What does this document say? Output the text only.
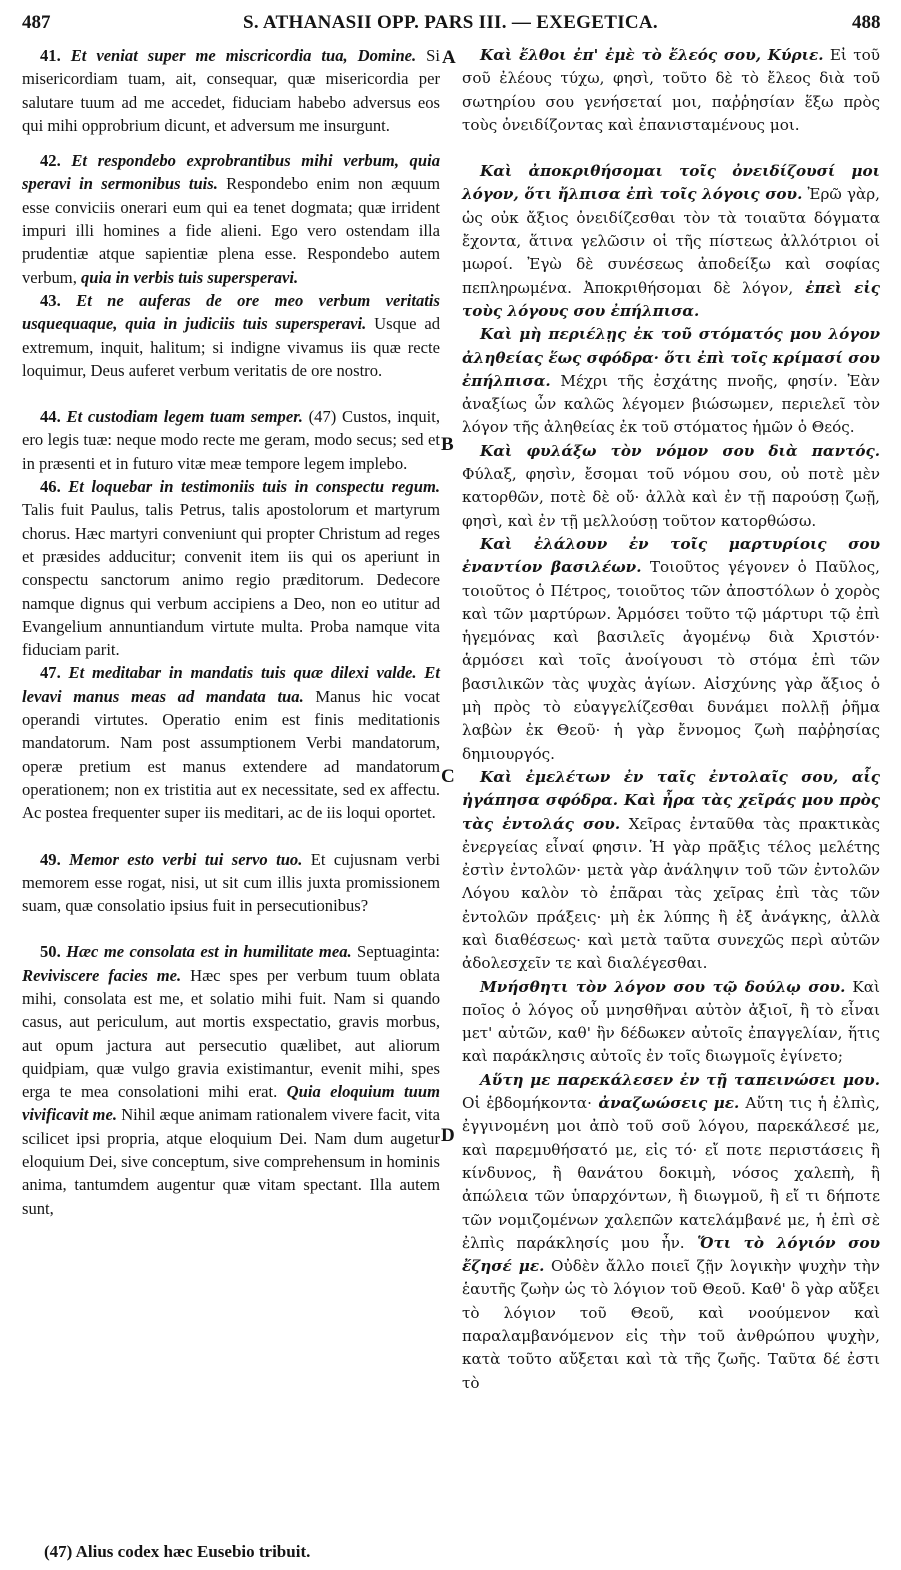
487	S. ATHANASII OPP. PARS III. — EXEGETICA.	488
A
B
C
D

41. Et veniat super me miscricordia tua, Domine. Si misericordiam tuam, ait, consequar, quæ misericordia per salutare tuum ad me accedet, fiduciam habebo adversus eos qui mihi opprobrium dicunt, et adversum me insurgunt.

42. Et respondebo exprobrantibus mihi verbum, quia speravi in sermonibus tuis. Respondebo enim non æquum esse conviciis onerari eum qui ea tenet dogmata; quæ irrident impuri illi homines a fide alieni. Ego vero ostendam illa prudentiæ atque sapientiæ plena esse. Respondebo autem verbum, quia in verbis tuis supersperavi.

43. Et ne auferas de ore meo verbum veritatis usquequaque, quia in judiciis tuis supersperavi. Usque ad extremum, inquit, halitum; si indigne vivamus iis quæ recte loquimur, Deus auferet verbum veritatis de ore nostro.

44. Et custodiam legem tuam semper. (47) Custos, inquit, ero legis tuæ: neque modo recte me geram, modo secus; sed et in præsenti et in futuro vitæ meæ tempore legem implebo.

46. Et loquebar in testimoniis tuis in conspectu regum. Talis fuit Paulus, talis Petrus, talis apostolorum et martyrum chorus. Hæc martyri conveniunt qui propter Christum ad reges et præsides adducitur; convenit item iis qui os aperiunt in conspectu sanctorum animo regio præditorum. Dedecore namque dignus qui verbum accipiens a Deo, non eo utitur ad Evangelium annuntiandum virtute multa. Proba namque vita fiduciam parit.

47. Et meditabar in mandatis tuis quæ dilexi valde. Et levavi manus meas ad mandata tua. Manus hic vocat operandi virtutes. Operatio enim est finis meditationis mandatorum. Nam post assumptionem Verbi mandatorum, operæ pretium est manus extendere ad mandatorum operationem; non ex tristitia aut ex necessitate, sed ex affectu. Ac postea frequenter super iis meditari, ac de iis loqui oportet.

49. Memor esto verbi tui servo tuo. Et cujusnam verbi memorem esse rogat, nisi, ut sit cum illis juxta promissionem suam, quæ consolatio ipsius fuit in persecutionibus?

50. Hæc me consolata est in humilitate mea. Septuaginta: Reviviscere facies me. Hæc spes per verbum tuum oblata mihi, consolata est me, et solatio mihi fuit. Nam si quando casus, aut periculum, aut mortis exspectatio, gravis morbus, aut opum jactura aut persecutio quælibet, aut aliorum quidpiam, quæ vulgo gravia existimantur, evenit mihi, spes erga te mea consolationi mihi erat. Quia eloquium tuum vivificavit me. Nihil æque animam rationalem vivere facit, vita scilicet ipsi propria, atque eloquium Dei. Nam dum augetur eloquium Dei, sive conceptum, sive comprehensum in hominis anima, tantumdem augentur quæ vitam spectant. Illa autem sunt,

(47) Alius codex hæc Eusebio tribuit.

Καὶ ἔλθοι ἐπ' ἐμὲ τὸ ἔλεός σου, Κύριε. Εἰ τοῦ σοῦ ἐλέους τύχω, φησὶ, τοῦτο δὲ τὸ ἔλεος διὰ τοῦ σωτηρίου σου γενήσεταί μοι, παῤῥησίαν ἕξω πρὸς τοὺς ὀνειδίζοντας καὶ ἐπανισταμένους μοι.

Καὶ ἀποκριθήσομαι τοῖς ὀνειδίζουσί μοι λόγον, ὅτι ἤλπισα ἐπὶ τοῖς λόγοις σου. Ἐρῶ γὰρ, ὡς οὐκ ἄξιος ὀνειδίζεσθαι τὸν τὰ τοιαῦτα δόγματα ἔχοντα, ἅτινα γελῶσιν οἱ τῆς πίστεως ἀλλότριοι οἱ μωροί. Ἐγὼ δὲ συνέσεως ἀποδείξω καὶ σοφίας πεπληρωμένα. Ἀποκριθήσομαι δὲ λόγον, ἐπεὶ εἰς τοὺς λόγους σου ἐπήλπισα.

Καὶ μὴ περιέλῃς ἐκ τοῦ στόματός μου λόγον ἀληθείας ἕως σφόδρα· ὅτι ἐπὶ τοῖς κρίμασί σου ἐπήλπισα. Μέχρι τῆς ἐσχάτης πνοῆς, φησίν. Ἐὰν ἀναξίως ὦν καλῶς λέγομεν βιώσωμεν, περιελεῖ τὸν λόγον τῆς ἀληθείας ἐκ τοῦ στόματος ἡμῶν ὁ Θεός.

Καὶ φυλάξω τὸν νόμον σου διὰ παντός. Φύλαξ, φησὶν, ἔσομαι τοῦ νόμου σου, οὐ ποτὲ μὲν κατορθῶν, ποτὲ δὲ οὔ· ἀλλὰ καὶ ἐν τῇ παρούσῃ ζωῇ, φησὶ, καὶ ἐν τῇ μελλούσῃ τοῦτον κατορθώσω.

Καὶ ἐλάλουν ἐν τοῖς μαρτυρίοις σου ἐναντίον βασιλέων. Τοιοῦτος γέγονεν ὁ Παῦλος, τοιοῦτος ὁ Πέτρος, τοιοῦτος τῶν ἀποστόλων ὁ χορὸς καὶ τῶν μαρτύρων. Ἁρμόσει τοῦτο τῷ μάρτυρι τῷ ἐπὶ ἡγεμόνας καὶ βασιλεῖς ἀγομένῳ διὰ Χριστόν· ἁρμόσει καὶ τοῖς ἀνοίγουσι τὸ στόμα ἐπὶ τῶν βασιλικῶν τὰς ψυχὰς ἁγίων. Αἰσχύνης γὰρ ἄξιος ὁ μὴ πρὸς τὸ εὐαγγελίζεσθαι δυνάμει πολλῇ ῥῆμα λαβὼν ἐκ Θεοῦ· ἡ γὰρ ἔννομος ζωὴ παῤῥησίας δημιουργός.

Καὶ ἐμελέτων ἐν ταῖς ἐντολαῖς σου, αἷς ἠγάπησα σφόδρα. Καὶ ἦρα τὰς χεῖράς μου πρὸς τὰς ἐντολάς σου. Χεῖρας ἐνταῦθα τὰς πρακτικὰς ἐνεργείας εἶναί φησιν. Ἡ γὰρ πρᾶξις τέλος μελέτης ἐστὶν ἐντολῶν· μετὰ γὰρ ἀνάληψιν τοῦ τῶν ἐντολῶν Λόγου καλὸν τὸ ἐπᾶραι τὰς χεῖρας ἐπὶ τὰς τῶν ἐντολῶν πράξεις· μὴ ἐκ λύπης ἢ ἐξ ἀνάγκης, ἀλλὰ καὶ διαθέσεως· καὶ μετὰ ταῦτα συνεχῶς περὶ αὐτῶν ἀδολεσχεῖν τε καὶ διαλέγεσθαι.

Μνήσθητι τὸν λόγον σου τῷ δούλῳ σου. Καὶ ποῖος ὁ λόγος οὗ μνησθῆναι αὐτὸν ἀξιοῖ, ἢ τὸ εἶναι μετ' αὐτῶν, καθ' ἣν δέδωκεν αὐτοῖς ἐπαγγελίαν, ἥτις καὶ παράκλησις αὐτοῖς ἐν τοῖς διωγμοῖς ἐγίνετο;

Αὕτη με παρεκάλεσεν ἐν τῇ ταπεινώσει μου. Οἱ ἑβδομήκοντα· ἀναζωώσεις με. Αὕτη τις ἡ ἐλπὶς, ἐγγινομένη μοι ἀπὸ τοῦ σοῦ λόγου, παρεκάλεσέ με, καὶ παρεμυθήσατό με, εἰς τό· εἴ ποτε περιστάσεις ἢ κίνδυνος, ἢ θανάτου δοκιμὴ, νόσος χαλεπὴ, ἢ ἀπώλεια τῶν ὑπαρχόντων, ἢ διωγμοῦ, ἢ εἴ τι δήποτε τῶν νομιζομένων χαλεπῶν κατελάμβανέ με, ἡ ἐπὶ σὲ ἐλπὶς παράκλησίς μου ἦν. Ὅτι τὸ λόγιόν σου ἔζησέ με. Οὐδὲν ἄλλο ποιεῖ ζῇν λογικὴν ψυχὴν τὴν ἑαυτῆς ζωὴν ὡς τὸ λόγιον τοῦ Θεοῦ. Καθ' ὃ γὰρ αὔξει τὸ λόγιον τοῦ Θεοῦ, καὶ νοούμενον καὶ παραλαμβανόμενον εἰς τὴν τοῦ ἀνθρώπου ψυχὴν, κατὰ τοῦτο αὔξεται καὶ τὰ τῆς ζωῆς. Ταῦτα δέ ἐστι τὸ
